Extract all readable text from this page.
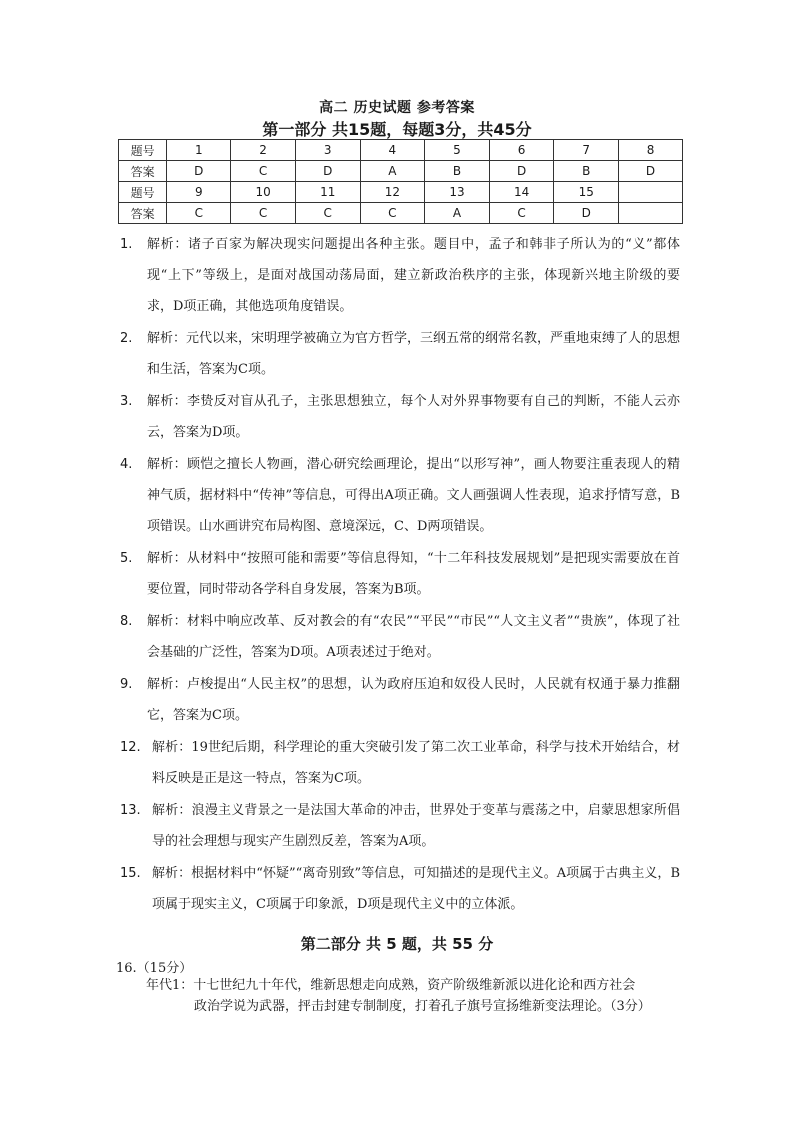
高二 历史试题 参考答案
第一部分 共15题，每题3分，共45分
题号	1	2	3	4	5	6	7	8
答案	D	C	D	A	B	D	B	D
题号	9	10	11	12	13	14	15	
答案	C	C	C	C	A	C	D	
1.	解析：诸子百家为解决现实问题提出各种主张。题目中，孟子和韩非子所认为的“义”都体现“上下”等级上，是面对战国动荡局面，建立新政治秩序的主张，体现新兴地主阶级的要求，D项正确，其他选项角度错误。
2.	解析：元代以来，宋明理学被确立为官方哲学，三纲五常的纲常名教，严重地束缚了人的思想和生活，答案为C项。
3.	解析：李贽反对盲从孔子，主张思想独立，每个人对外界事物要有自己的判断，不能人云亦云，答案为D项。
4.	解析：顾恺之擅长人物画，潜心研究绘画理论，提出“以形写神”，画人物要注重表现人的精神气质，据材料中“传神”等信息，可得出A项正确。文人画强调人性表现，追求抒情写意，B项错误。山水画讲究布局构图、意境深远，C、D两项错误。
5.	解析：从材料中“按照可能和需要”等信息得知，“十二年科技发展规划”是把现实需要放在首要位置，同时带动各学科自身发展，答案为B项。
8.	解析：材料中响应改革、反对教会的有“农民”“平民”“市民”“人文主义者”“贵族”，体现了社会基础的广泛性，答案为D项。A项表述过于绝对。
9.	解析：卢梭提出“人民主权”的思想，认为政府压迫和奴役人民时，人民就有权通于暴力推翻它，答案为C项。
12. 解析：19世纪后期，科学理论的重大突破引发了第二次工业革命，科学与技术开始结合，材料反映是正是这一特点，答案为C项。
13. 解析：浪漫主义背景之一是法国大革命的冲击，世界处于变革与震荡之中，启蒙思想家所倡导的社会理想与现实产生剧烈反差，答案为A项。
15. 解析：根据材料中“怀疑”“离奇别致”等信息，可知描述的是现代主义。A项属于古典主义，B项属于现实主义，C项属于印象派，D项是现代主义中的立体派。
第二部分 共 5 题，共 55 分
16.（15分）
年代1：十七世纪九十年代，维新思想走向成熟，资产阶级维新派以进化论和西方社会
政治学说为武器，抨击封建专制制度，打着孔子旗号宣扬维新变法理论。（3分）
